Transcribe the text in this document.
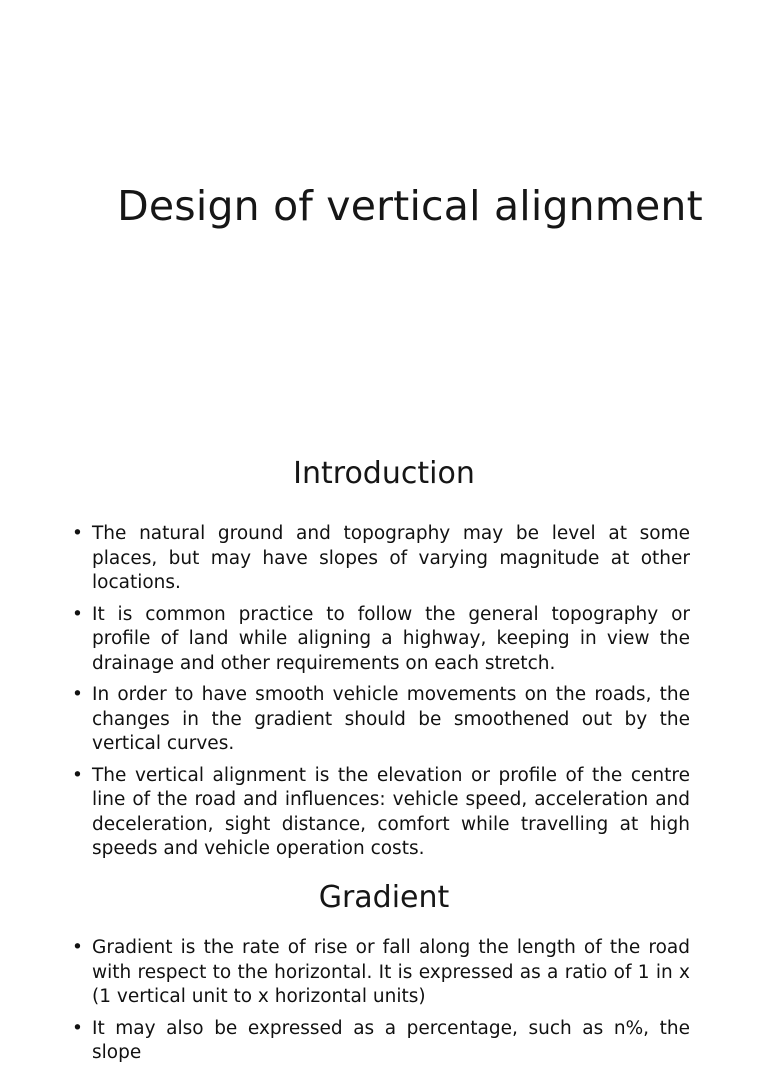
Design of vertical alignment
Introduction
• The natural ground and topography may be level at some places, but may have slopes of varying magnitude at other locations.
• It is common practice to follow the general topography or profile of land while aligning a highway, keeping in view the drainage and other requirements on each stretch.
• In order to have smooth vehicle movements on the roads, the changes in the gradient should be smoothened out by the vertical curves.
• The vertical alignment is the elevation or profile of the centre line of the road and influences: vehicle speed, acceleration and deceleration, sight distance, comfort while travelling at high speeds and vehicle operation costs.
Gradient
• Gradient is the rate of rise or fall along the length of the road with respect to the horizontal. It is expressed as a ratio of 1 in x (1 vertical unit to x horizontal units)
• It may also be expressed as a percentage, such as n%, the slope
